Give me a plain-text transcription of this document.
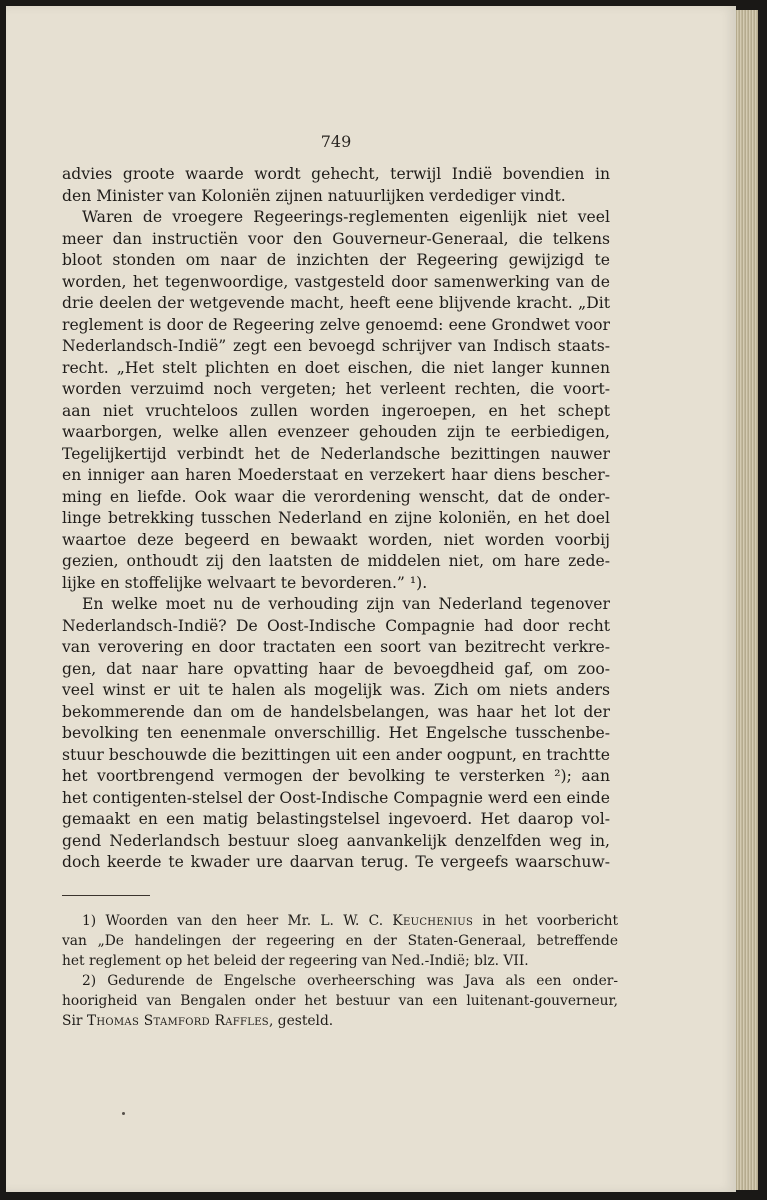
749
advies groote waarde wordt gehecht, terwijl Indië bovendien in
den Minister van Koloniën zijnen natuurlijken verdediger vindt.
Waren de vroegere Regeerings-reglementen eigenlijk niet veel
meer dan instructiën voor den Gouverneur-Generaal, die telkens
bloot stonden om naar de inzichten der Regeering gewijzigd te
worden, het tegenwoordige, vastgesteld door samenwerking van de
drie deelen der wetgevende macht, heeft eene blijvende kracht. „Dit
reglement is door de Regeering zelve genoemd: eene Grondwet voor
Nederlandsch-Indië” zegt een bevoegd schrijver van Indisch staats-
recht. „Het stelt plichten en doet eischen, die niet langer kunnen
worden verzuimd noch vergeten; het verleent rechten, die voort-
aan niet vruchteloos zullen worden ingeroepen, en het schept
waarborgen, welke allen evenzeer gehouden zijn te eerbiedigen,
Tegelijkertijd verbindt het de Nederlandsche bezittingen nauwer
en inniger aan haren Moederstaat en verzekert haar diens bescher-
ming en liefde. Ook waar die verordening wenscht, dat de onder-
linge betrekking tusschen Nederland en zijne koloniën, en het doel
waartoe deze begeerd en bewaakt worden, niet worden voorbij
gezien, onthoudt zij den laatsten de middelen niet, om hare zede-
lijke en stoffelijke welvaart te bevorderen.” ¹).
En welke moet nu de verhouding zijn van Nederland tegenover
Nederlandsch-Indië? De Oost-Indische Compagnie had door recht
van verovering en door tractaten een soort van bezitrecht verkre-
gen, dat naar hare opvatting haar de bevoegdheid gaf, om zoo-
veel winst er uit te halen als mogelijk was. Zich om niets anders
bekommerende dan om de handelsbelangen, was haar het lot der
bevolking ten eenenmale onverschillig. Het Engelsche tusschenbe-
stuur beschouwde die bezittingen uit een ander oogpunt, en trachtte
het voortbrengend vermogen der bevolking te versterken ²); aan
het contigenten-stelsel der Oost-Indische Compagnie werd een einde
gemaakt en een matig belastingstelsel ingevoerd. Het daarop vol-
gend Nederlandsch bestuur sloeg aanvankelijk denzelfden weg in,
doch keerde te kwader ure daarvan terug. Te vergeefs waarschuw-
1) Woorden van den heer Mr. L. W. C. Keuchenius in het voorbericht
van „De handelingen der regeering en der Staten-Generaal, betreffende
het reglement op het beleid der regeering van Ned.-Indië; blz. VII.
2) Gedurende de Engelsche overheersching was Java als een onder-
hoorigheid van Bengalen onder het bestuur van een luitenant-gouverneur,
Sir Thomas Stamford Raffles, gesteld.
